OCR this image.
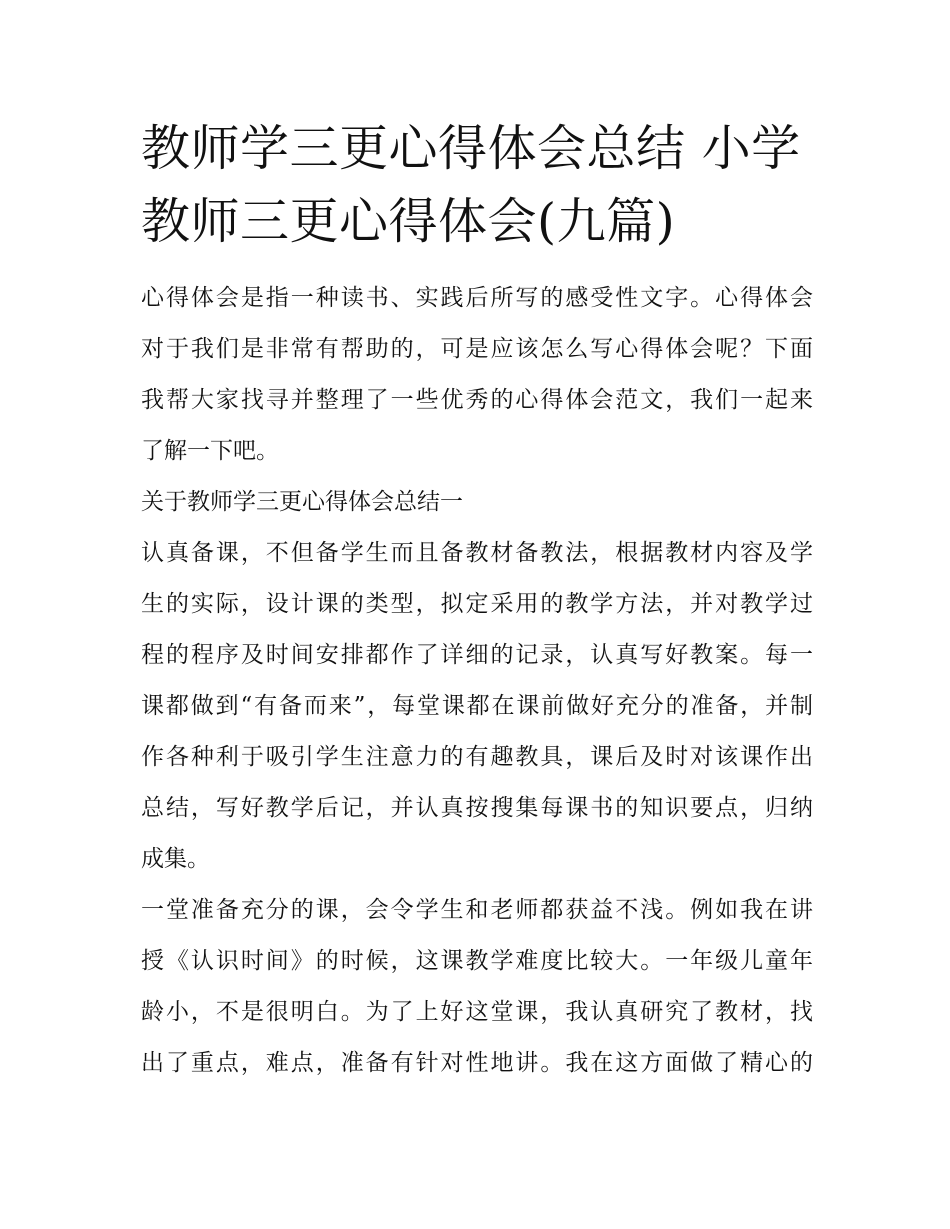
教师学三更心得体会总结 小学
教师三更心得体会(九篇)

心得体会是指一种读书、实践后所写的感受性文字。心得体会
对于我们是非常有帮助的，可是应该怎么写心得体会呢？下面
我帮大家找寻并整理了一些优秀的心得体会范文，我们一起来
了解一下吧。

关于教师学三更心得体会总结一

认真备课，不但备学生而且备教材备教法，根据教材内容及学
生的实际，设计课的类型，拟定采用的教学方法，并对教学过
程的程序及时间安排都作了详细的记录，认真写好教案。每一
课都做到“有备而来”，每堂课都在课前做好充分的准备，并制
作各种利于吸引学生注意力的有趣教具，课后及时对该课作出
总结，写好教学后记，并认真按搜集每课书的知识要点，归纳
成集。

一堂准备充分的课，会令学生和老师都获益不浅。例如我在讲
授《认识时间》的时候，这课教学难度比较大。一年级儿童年
龄小，不是很明白。为了上好这堂课，我认真研究了教材，找
出了重点，难点，准备有针对性地讲。我在这方面做了精心的
